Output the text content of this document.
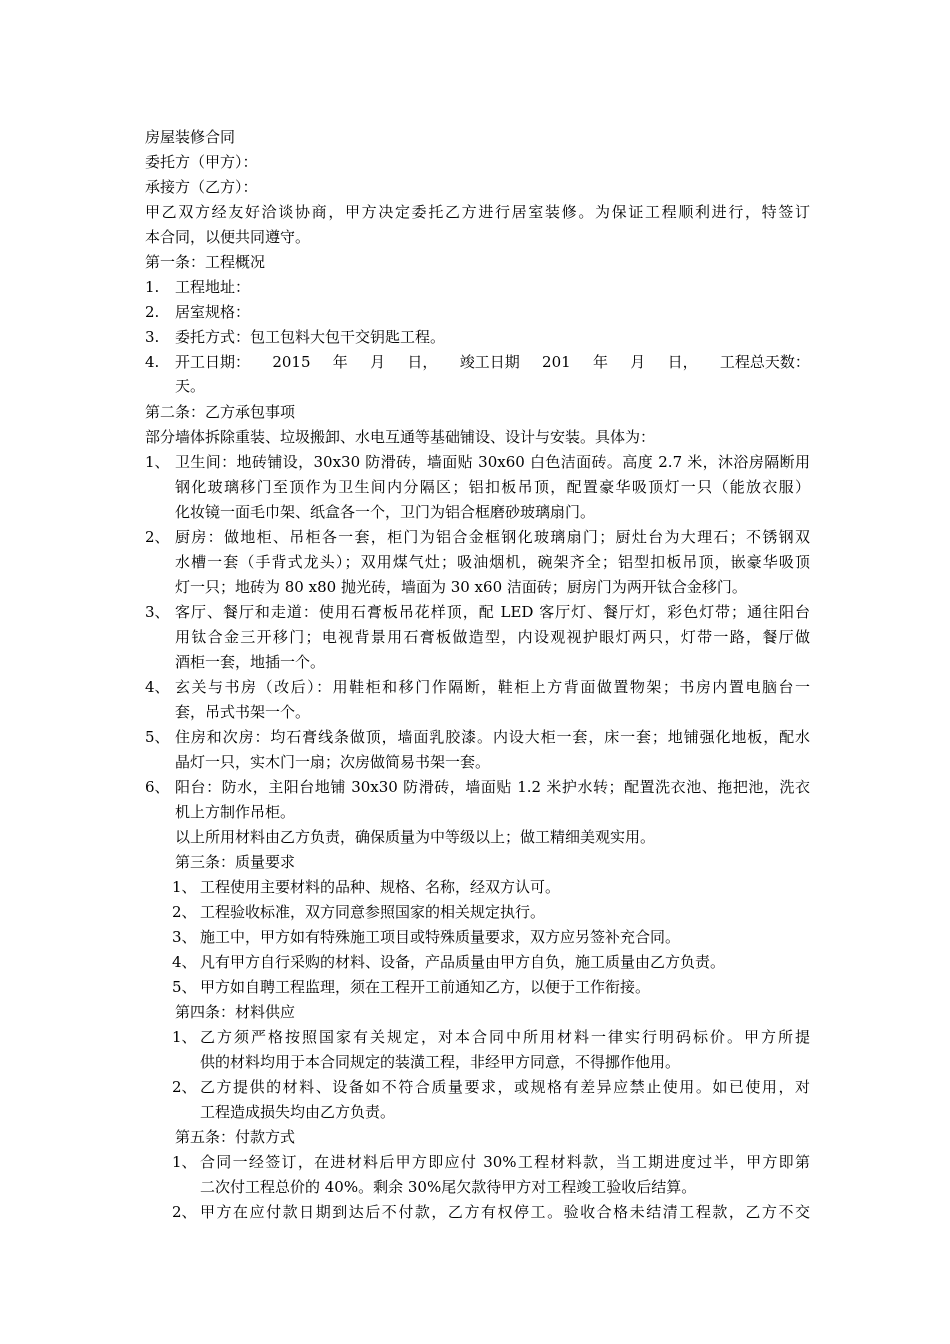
房屋装修合同
委托方（甲方）：
承接方（乙方）：
甲乙双方经友好洽谈协商，甲方决定委托乙方进行居室装修。为保证工程顺利进行，特签订
本合同，以便共同遵守。
第一条：工程概况
1. 工程地址：
2. 居室规格：
3. 委托方式：包工包料大包干交钥匙工程。
4. 开工日期： 2015 年 月 日， 竣工日期 201 年 月 日， 工程总天数：
天。
第二条：乙方承包事项
部分墙体拆除重装、垃圾搬卸、水电互通等基础铺设、设计与安装。具体为：
1、 卫生间：地砖铺设，30x30 防滑砖，墙面贴 30x60 白色洁面砖。高度 2.7 米，沐浴房隔断用
钢化玻璃移门至顶作为卫生间内分隔区；铝扣板吊顶，配置豪华吸顶灯一只（能放衣服）
化妆镜一面毛巾架、纸盒各一个，卫门为铝合框磨砂玻璃扇门。
2、 厨房：做地柜、吊柜各一套，柜门为铝合金框钢化玻璃扇门；厨灶台为大理石；不锈钢双
水槽一套（手背式龙头）；双用煤气灶；吸油烟机，碗架齐全；铝型扣板吊顶，嵌豪华吸顶
灯一只；地砖为 80 x80 抛光砖，墙面为 30 x60 洁面砖；厨房门为两开钛合金移门。
3、 客厅、餐厅和走道：使用石膏板吊花样顶，配 LED 客厅灯、餐厅灯，彩色灯带；通往阳台
用钛合金三开移门；电视背景用石膏板做造型，内设观视护眼灯两只，灯带一路，餐厅做
酒柜一套，地插一个。
4、 玄关与书房（改后）：用鞋柜和移门作隔断，鞋柜上方背面做置物架；书房内置电脑台一
套，吊式书架一个。
5、 住房和次房：均石膏线条做顶，墙面乳胶漆。内设大柜一套，床一套；地铺强化地板，配水
晶灯一只，实木门一扇；次房做简易书架一套。
6、 阳台：防水，主阳台地铺 30x30 防滑砖，墙面贴 1.2 米护水转；配置洗衣池、拖把池，洗衣
机上方制作吊柜。
以上所用材料由乙方负责，确保质量为中等级以上；做工精细美观实用。
第三条：质量要求
1、 工程使用主要材料的品种、规格、名称，经双方认可。
2、 工程验收标准，双方同意参照国家的相关规定执行。
3、 施工中，甲方如有特殊施工项目或特殊质量要求，双方应另签补充合同。
4、 凡有甲方自行采购的材料、设备，产品质量由甲方自负，施工质量由乙方负责。
5、 甲方如自聘工程监理，须在工程开工前通知乙方，以便于工作衔接。
第四条：材料供应
1、 乙方须严格按照国家有关规定，对本合同中所用材料一律实行明码标价。甲方所提
供的材料均用于本合同规定的装潢工程，非经甲方同意，不得挪作他用。
2、 乙方提供的材料、设备如不符合质量要求，或规格有差异应禁止使用。如已使用，对
工程造成损失均由乙方负责。
第五条：付款方式
1、 合同一经签订，在进材料后甲方即应付 30%工程材料款，当工期进度过半，甲方即第
二次付工程总价的 40%。剩余 30%尾欠款待甲方对工程竣工验收后结算。
2、 甲方在应付款日期到达后不付款，乙方有权停工。验收合格未结清工程款，乙方不交
